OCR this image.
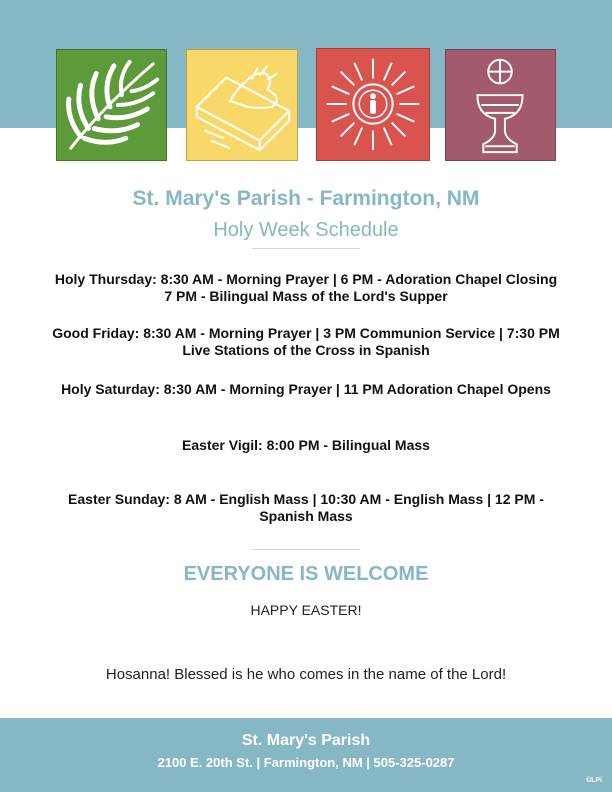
St. Mary's Parish - Farmington, NM
Holy Week Schedule
Holy Thursday: 8:30 AM - Morning Prayer | 6 PM - Adoration Chapel Closing
7 PM - Bilingual Mass of the Lord's Supper
Good Friday: 8:30 AM - Morning Prayer | 3 PM Communion Service | 7:30 PM
Live Stations of the Cross in Spanish
Holy Saturday: 8:30 AM - Morning Prayer | 11 PM Adoration Chapel Opens
Easter Vigil: 8:00 PM - Bilingual Mass
Easter Sunday: 8 AM - English Mass | 10:30 AM - English Mass | 12 PM -
Spanish Mass
EVERYONE IS WELCOME
HAPPY EASTER!
Hosanna! Blessed is he who comes in the name of the Lord!
St. Mary's Parish
2100 E. 20th St. | Farmington, NM | 505-325-0287
©LPi
